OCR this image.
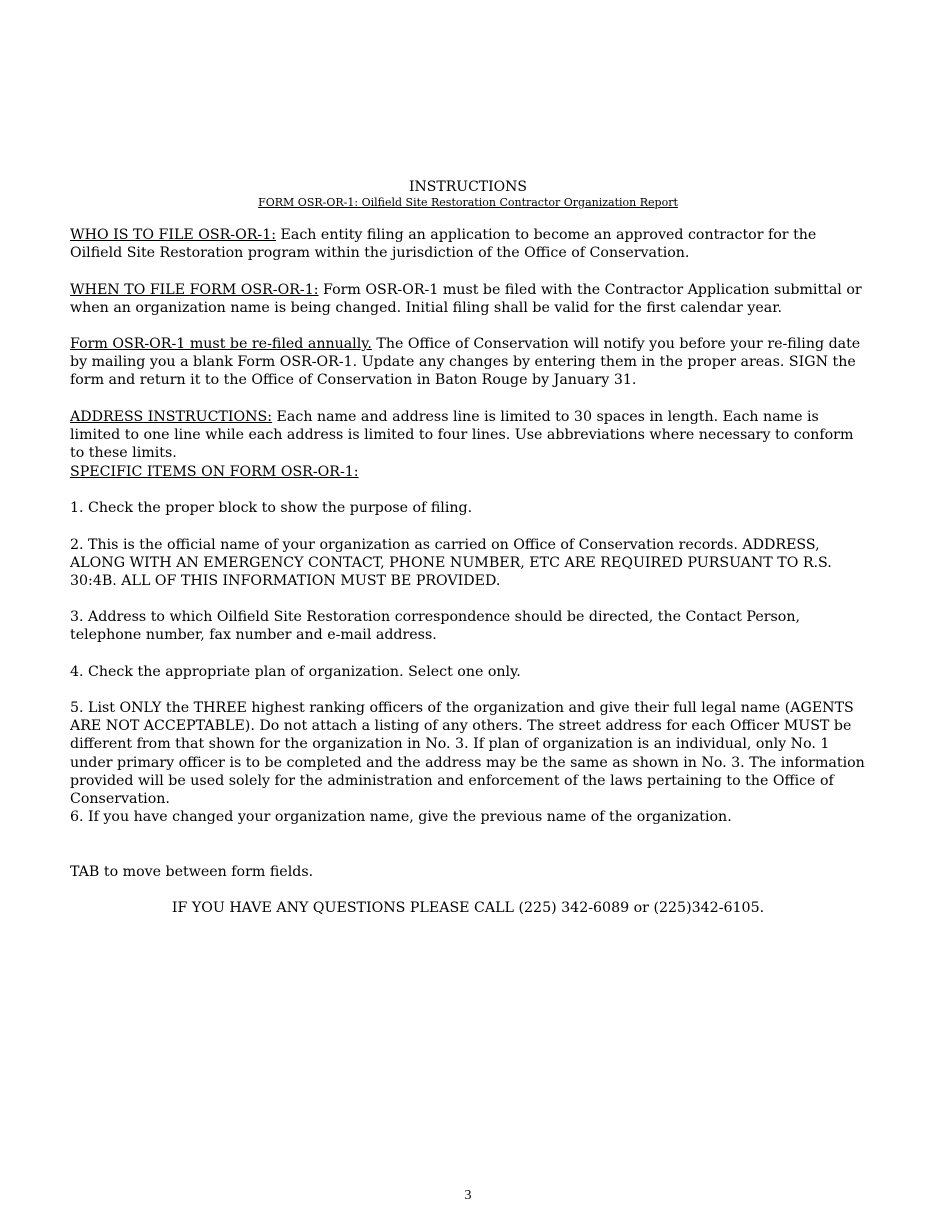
INSTRUCTIONS
FORM OSR-OR-1: Oilfield Site Restoration Contractor Organization Report
WHO IS TO FILE OSR-OR-1: Each entity filing an application to become an approved contractor for the Oilfield Site Restoration program within the jurisdiction of the Office of Conservation.
WHEN TO FILE FORM OSR-OR-1: Form OSR-OR-1 must be filed with the Contractor Application submittal or when an organization name is being changed. Initial filing shall be valid for the first calendar year.
Form OSR-OR-1 must be re-filed annually. The Office of Conservation will notify you before your re-filing date by mailing you a blank Form OSR-OR-1. Update any changes by entering them in the proper areas. SIGN the form and return it to the Office of Conservation in Baton Rouge by January 31.
ADDRESS INSTRUCTIONS: Each name and address line is limited to 30 spaces in length. Each name is limited to one line while each address is limited to four lines. Use abbreviations where necessary to conform to these limits.
SPECIFIC ITEMS ON FORM OSR-OR-1:
1. Check the proper block to show the purpose of filing.
2. This is the official name of your organization as carried on Office of Conservation records. ADDRESS, ALONG WITH AN EMERGENCY CONTACT, PHONE NUMBER, ETC ARE REQUIRED PURSUANT TO R.S. 30:4B. ALL OF THIS INFORMATION MUST BE PROVIDED.
3. Address to which Oilfield Site Restoration correspondence should be directed, the Contact Person, telephone number, fax number and e-mail address.
4. Check the appropriate plan of organization. Select one only.
5. List ONLY the THREE highest ranking officers of the organization and give their full legal name (AGENTS ARE NOT ACCEPTABLE). Do not attach a listing of any others. The street address for each Officer MUST be different from that shown for the organization in No. 3. If plan of organization is an individual, only No. 1 under primary officer is to be completed and the address may be the same as shown in No. 3. The information provided will be used solely for the administration and enforcement of the laws pertaining to the Office of Conservation.
6. If you have changed your organization name, give the previous name of the organization.
TAB to move between form fields.
IF YOU HAVE ANY QUESTIONS PLEASE CALL (225) 342-6089 or (225)342-6105.
3
